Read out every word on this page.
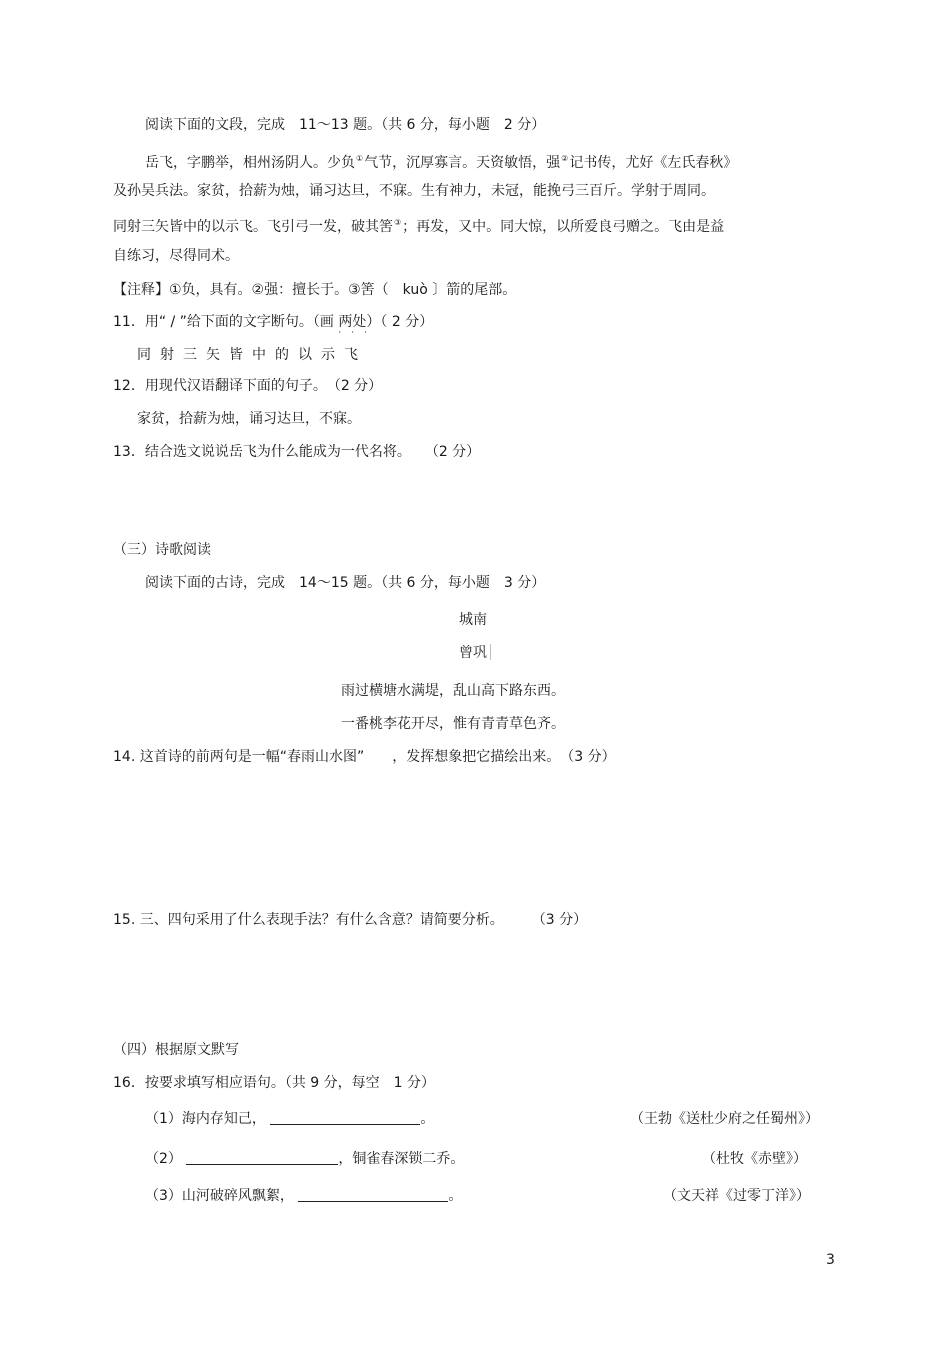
阅读下面的文段，完成　11～13 题。（共 6 分，每小题　2 分）
岳飞，字鹏举，相州汤阴人。少负①气节，沉厚寡言。天资敏悟，强②记书传，尤好《左氏春秋》
及孙吴兵法。家贫，拾薪为烛，诵习达旦，不寐。生有神力，未冠，能挽弓三百斤。学射于周同。
同射三矢皆中的以示飞。飞引弓一发，破其筈③；再发，又中。同大惊，以所爱良弓赠之。飞由是益
自练习，尽得同术。
【注释】①负，具有。②强：擅长于。③筈（　kuò 〕箭的尾部。
11．用“ / ”给下面的文字断句。（画 两处
···
）（ 2 分）
同射三矢皆中的以示飞
12．用现代汉语翻译下面的句子。　（2 分）
家贫，拾薪为烛，诵习达旦，不寐。
13．结合选文说说岳飞为什么能成为一代名将。　　（2 分）
（三）诗歌阅读
阅读下面的古诗，完成　14～15 题。（共 6 分，每小题　3 分）
城南
曾巩
雨过横塘水满堤，乱山高下路东西。
一番桃李花开尽，惟有青青草色齐。
14. 这首诗的前两句是一幅“春雨山水图”　　，发挥想象把它描绘出来。　（3 分）
15. 三、四句采用了什么表现手法？有什么含意？请简要分析。　　　（3 分）
（四）根据原文默写
16．按要求填写相应语句。（共 9 分，每空　1 分）
（1）海内存知己，	。	（王勃《送杜少府之任蜀州》）
（2）	，铜雀春深锁二乔。	（杜牧《赤壁》）
（3）山河破碎风飘絮，	。	（文天祥《过零丁洋》）
3
